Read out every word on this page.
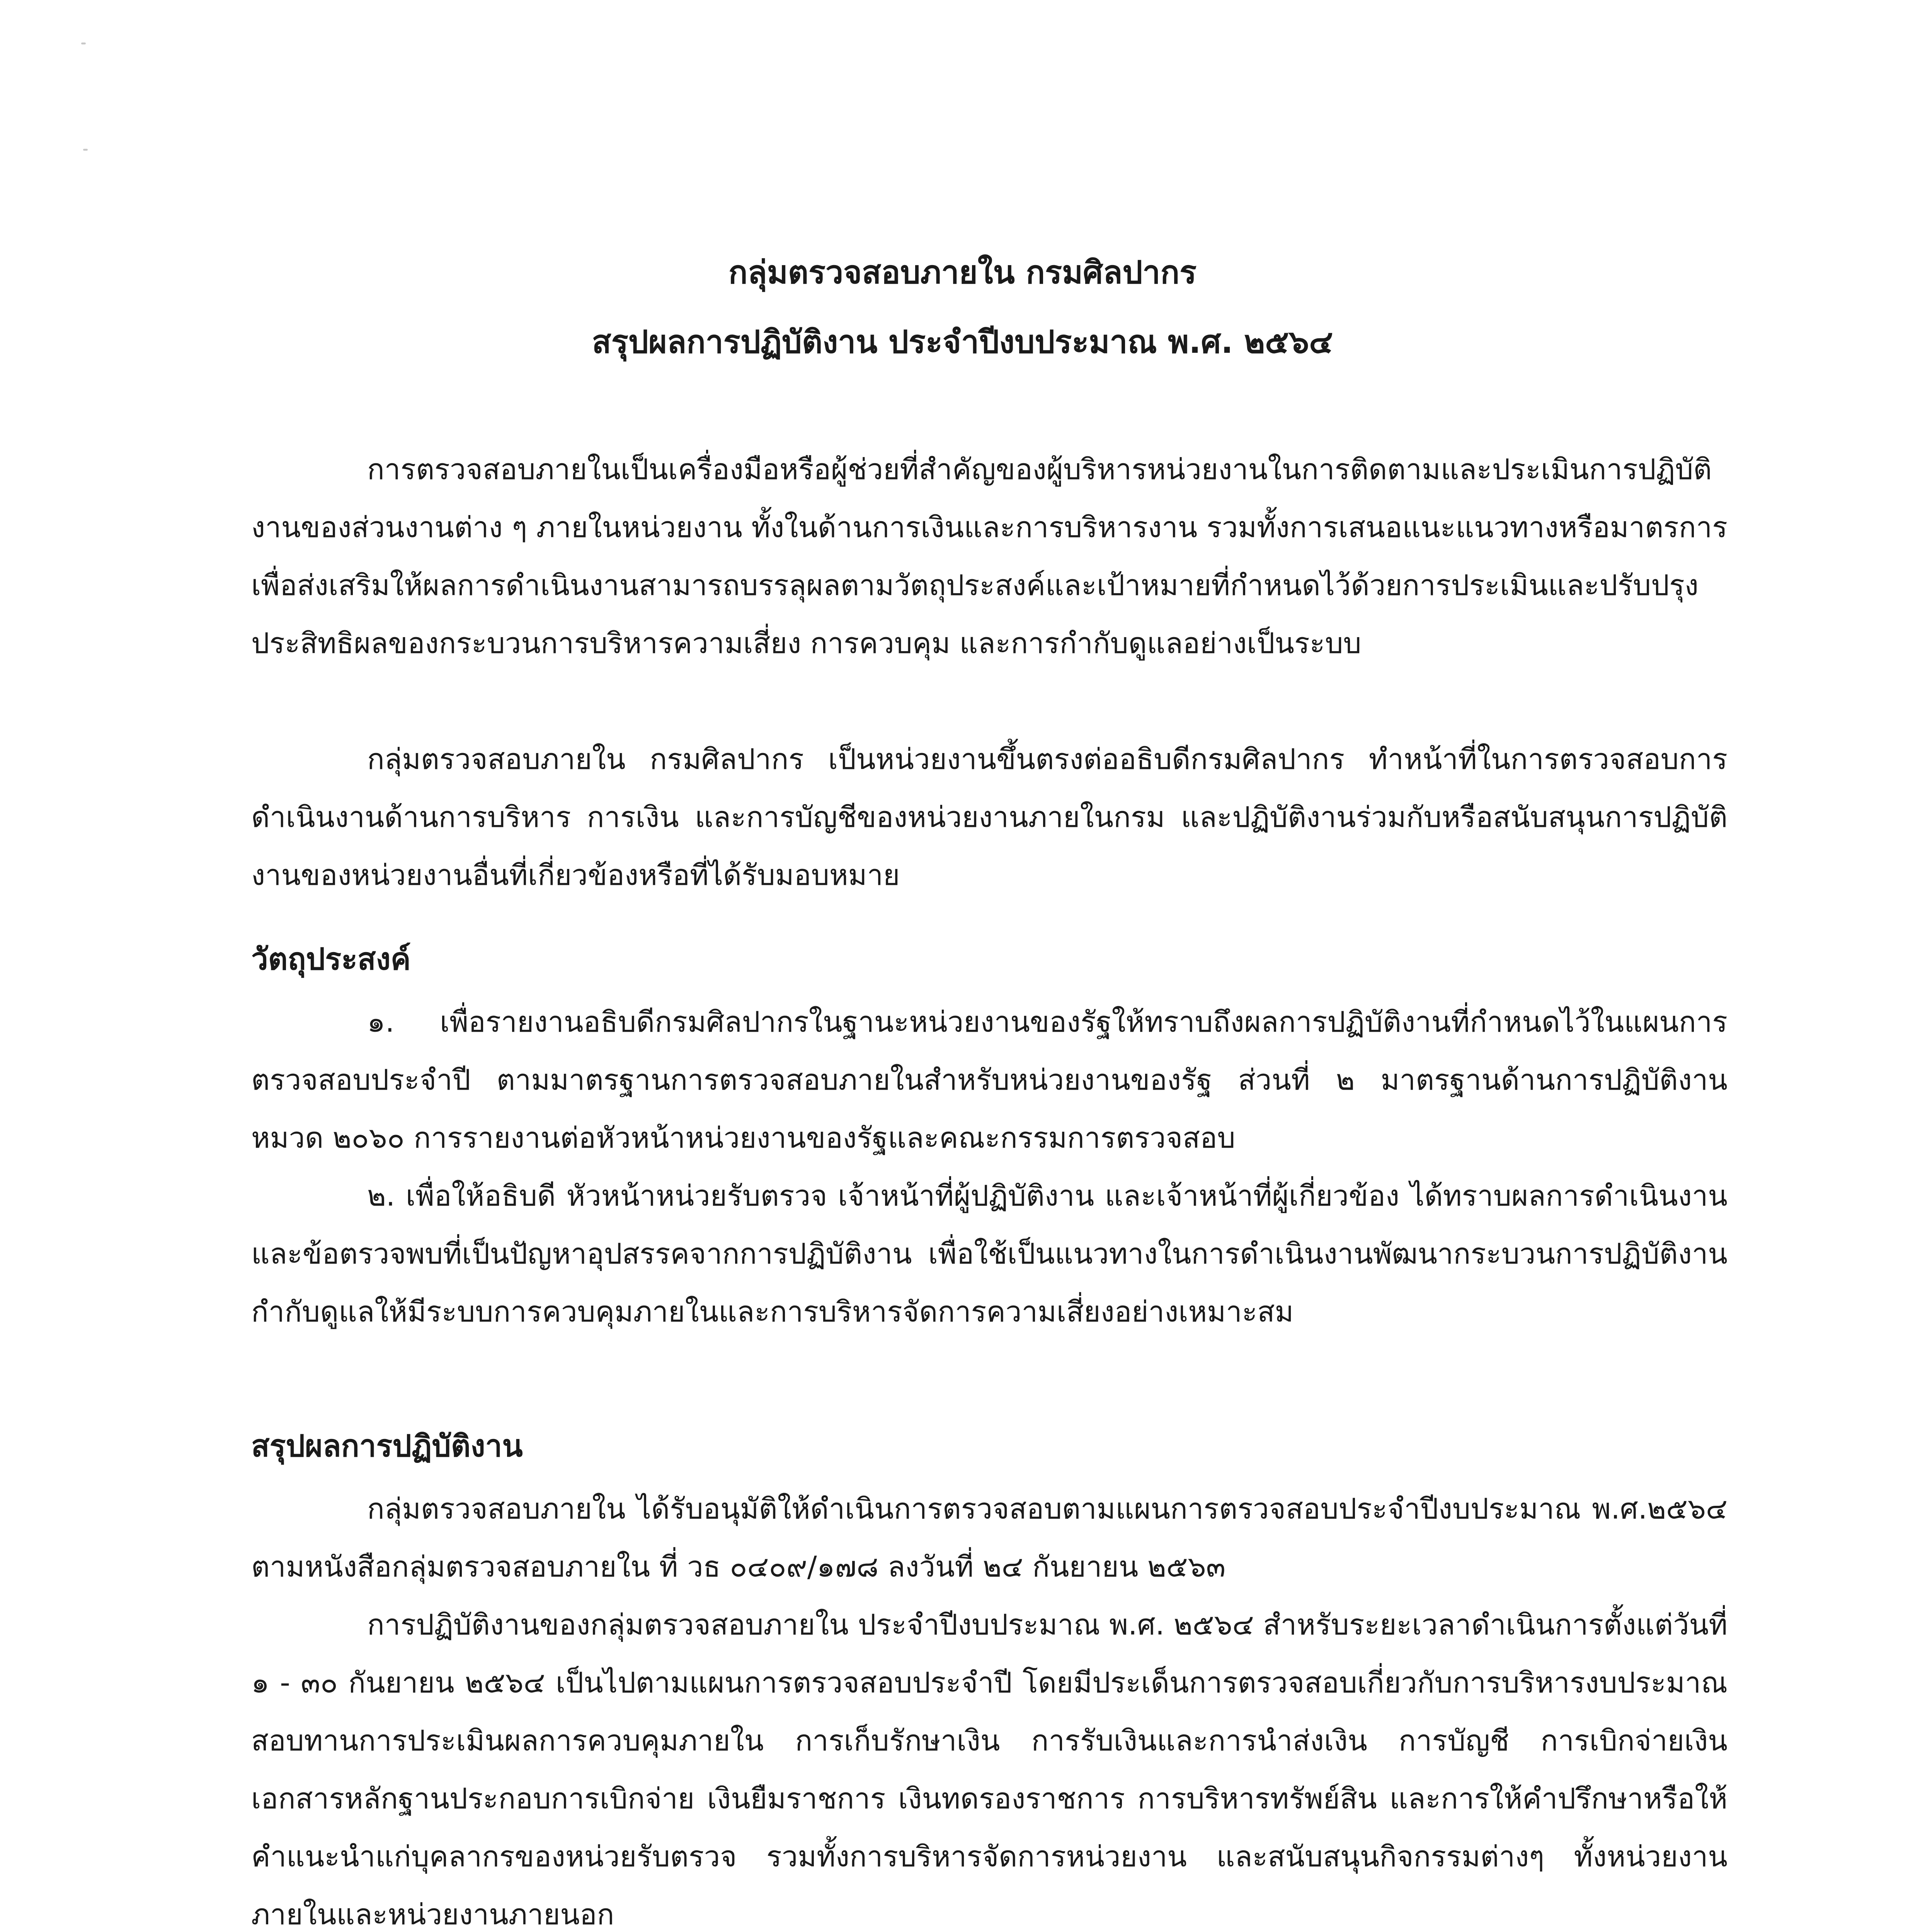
กลุ่มตรวจสอบภายใน กรมศิลปากร
สรุปผลการปฏิบัติงาน ประจำปีงบประมาณ พ.ศ. ๒๕๖๔
การตรวจสอบภายในเป็นเครื่องมือหรือผู้ช่วยที่สำคัญของผู้บริหารหน่วยงานในการติดตามและประเมินการปฏิบัติงานของส่วนงานต่าง ๆ ภายในหน่วยงาน ทั้งในด้านการเงินและการบริหารงาน รวมทั้งการเสนอแนะแนวทางหรือมาตรการเพื่อส่งเสริมให้ผลการดำเนินงานสามารถบรรลุผลตามวัตถุประสงค์และเป้าหมายที่กำหนดไว้ด้วยการประเมินและปรับปรุงประสิทธิผลของกระบวนการบริหารความเสี่ยง การควบคุม และการกำกับดูแลอย่างเป็นระบบ
กลุ่มตรวจสอบภายใน กรมศิลปากร เป็นหน่วยงานขึ้นตรงต่ออธิบดีกรมศิลปากร ทำหน้าที่ในการตรวจสอบการดำเนินงานด้านการบริหาร การเงิน และการบัญชีของหน่วยงานภายในกรม และปฏิบัติงานร่วมกับหรือสนับสนุนการปฏิบัติงานของหน่วยงานอื่นที่เกี่ยวข้องหรือที่ได้รับมอบหมาย
วัตถุประสงค์
๑. เพื่อรายงานอธิบดีกรมศิลปากรในฐานะหน่วยงานของรัฐให้ทราบถึงผลการปฏิบัติงานที่กำหนดไว้ในแผนการตรวจสอบประจำปี ตามมาตรฐานการตรวจสอบภายในสำหรับหน่วยงานของรัฐ ส่วนที่ ๒ มาตรฐานด้านการปฏิบัติงาน หมวด ๒๐๖๐ การรายงานต่อหัวหน้าหน่วยงานของรัฐและคณะกรรมการตรวจสอบ
๒. เพื่อให้อธิบดี หัวหน้าหน่วยรับตรวจ เจ้าหน้าที่ผู้ปฏิบัติงาน และเจ้าหน้าที่ผู้เกี่ยวข้อง ได้ทราบผลการดำเนินงาน และข้อตรวจพบที่เป็นปัญหาอุปสรรคจากการปฏิบัติงาน เพื่อใช้เป็นแนวทางในการดำเนินงานพัฒนากระบวนการปฏิบัติงาน กำกับดูแลให้มีระบบการควบคุมภายในและการบริหารจัดการความเสี่ยงอย่างเหมาะสม
สรุปผลการปฏิบัติงาน
กลุ่มตรวจสอบภายใน ได้รับอนุมัติให้ดำเนินการตรวจสอบตามแผนการตรวจสอบประจำปีงบประมาณ พ.ศ.๒๕๖๔ ตามหนังสือกลุ่มตรวจสอบภายใน ที่ วธ ๐๔๐๙/๑๗๘ ลงวันที่ ๒๔ กันยายน ๒๕๖๓
การปฏิบัติงานของกลุ่มตรวจสอบภายใน ประจำปีงบประมาณ พ.ศ. ๒๕๖๔ สำหรับระยะเวลาดำเนินการตั้งแต่วันที่ ๑ - ๓๐ กันยายน ๒๕๖๔ เป็นไปตามแผนการตรวจสอบประจำปี โดยมีประเด็นการตรวจสอบเกี่ยวกับการบริหารงบประมาณ สอบทานการประเมินผลการควบคุมภายใน การเก็บรักษาเงิน การรับเงินและการนำส่งเงิน การบัญชี การเบิกจ่ายเงิน เอกสารหลักฐานประกอบการเบิกจ่าย เงินยืมราชการ เงินทดรองราชการ การบริหารทรัพย์สิน และการให้คำปรึกษาหรือให้คำแนะนำแก่บุคลากรของหน่วยรับตรวจ รวมทั้งการบริหารจัดการหน่วยงาน และสนับสนุนกิจกรรมต่างๆ ทั้งหน่วยงานภายในและหน่วยงานภายนอก
